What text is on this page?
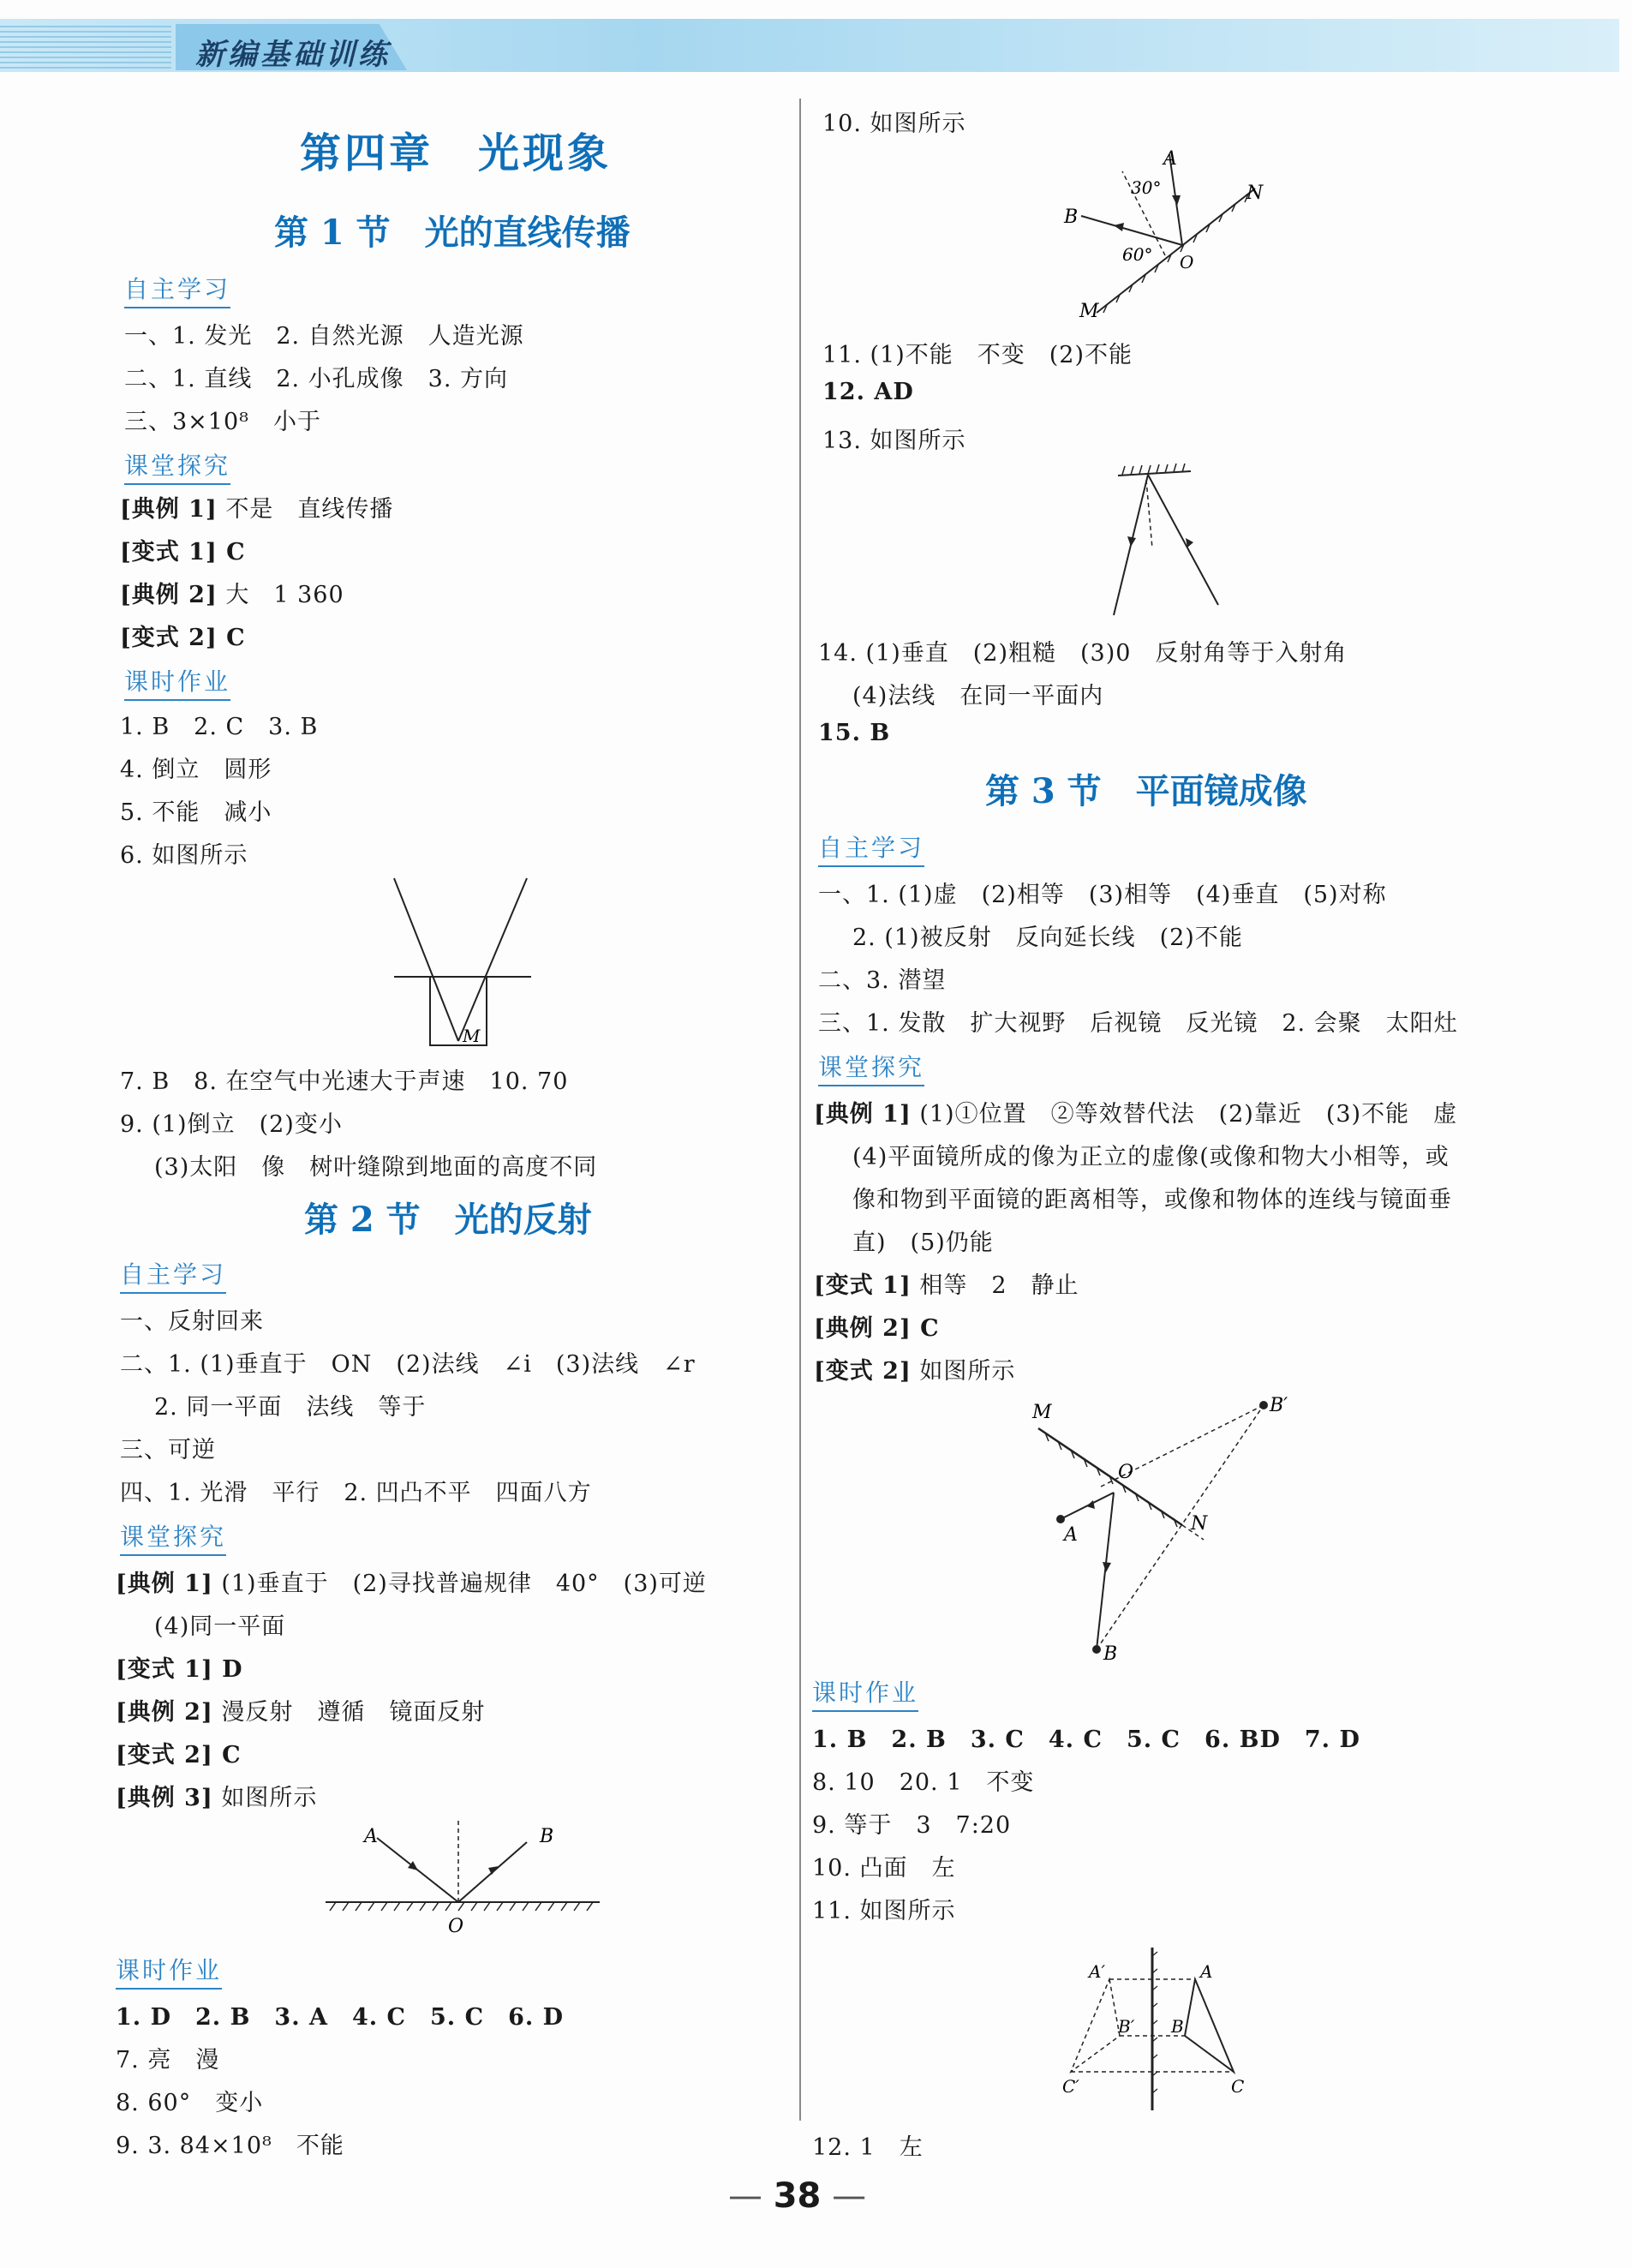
新编基础训练
第四章　光现象
第 1 节　光的直线传播
自主学习
一、1. 发光　2. 自然光源　人造光源
二、1. 直线　2. 小孔成像　3. 方向
三、3×10⁸　小于
课堂探究
[典例 1] 不是　直线传播
[变式 1] C
[典例 2] 大　1 360
[变式 2] C
课时作业
1. B　2. C　3. B
4. 倒立　圆形
5. 不能　减小
6. 如图所示
M
7. B　8. 在空气中光速大于声速　10. 70
9. (1)倒立　(2)变小
(3)太阳　像　树叶缝隙到地面的高度不同
第 2 节　光的反射
自主学习
一、反射回来
二、1. (1)垂直于　ON　(2)法线　∠i　(3)法线　∠r
2. 同一平面　法线　等于
三、可逆
四、1. 光滑　平行　2. 凹凸不平　四面八方
课堂探究
[典例 1] (1)垂直于　(2)寻找普遍规律　40°　(3)可逆
(4)同一平面
[变式 1] D
[典例 2] 漫反射　遵循　镜面反射
[变式 2] C
[典例 3] 如图所示
A	B
O
课时作业
1. D　2. B　3. A　4. C　5. C　6. D
7. 亮　漫
8. 60°　变小
9. 3. 84×10⁸　不能
10. 如图所示
A
B
N
M
O
30°
60°
11. (1)不能　不变　(2)不能
12. AD
13. 如图所示
14. (1)垂直　(2)粗糙　(3)0　反射角等于入射角
(4)法线　在同一平面内
15. B
第 3 节　平面镜成像
自主学习
一、1. (1)虚　(2)相等　(3)相等　(4)垂直　(5)对称
2. (1)被反射　反向延长线　(2)不能
二、3. 潜望
三、1. 发散　扩大视野　后视镜　反光镜　2. 会聚　太阳灶
课堂探究
[典例 1] (1)①位置　②等效替代法　(2)靠近　(3)不能　虚
(4)平面镜所成的像为正立的虚像(或像和物大小相等，或
像和物到平面镜的距离相等，或像和物体的连线与镜面垂
直)　(5)仍能
[变式 1] 相等　2　静止
[典例 2] C
[变式 2] 如图所示
M	B′
O
A
N
B
课时作业
1. B　2. B　3. C　4. C　5. C　6. BD　7. D
8. 10　20. 1　不变
9. 等于　3　7:20
10. 凸面　左
11. 如图所示
A′	A
B′ B
C′	C
12. 1　左
— 38 —
